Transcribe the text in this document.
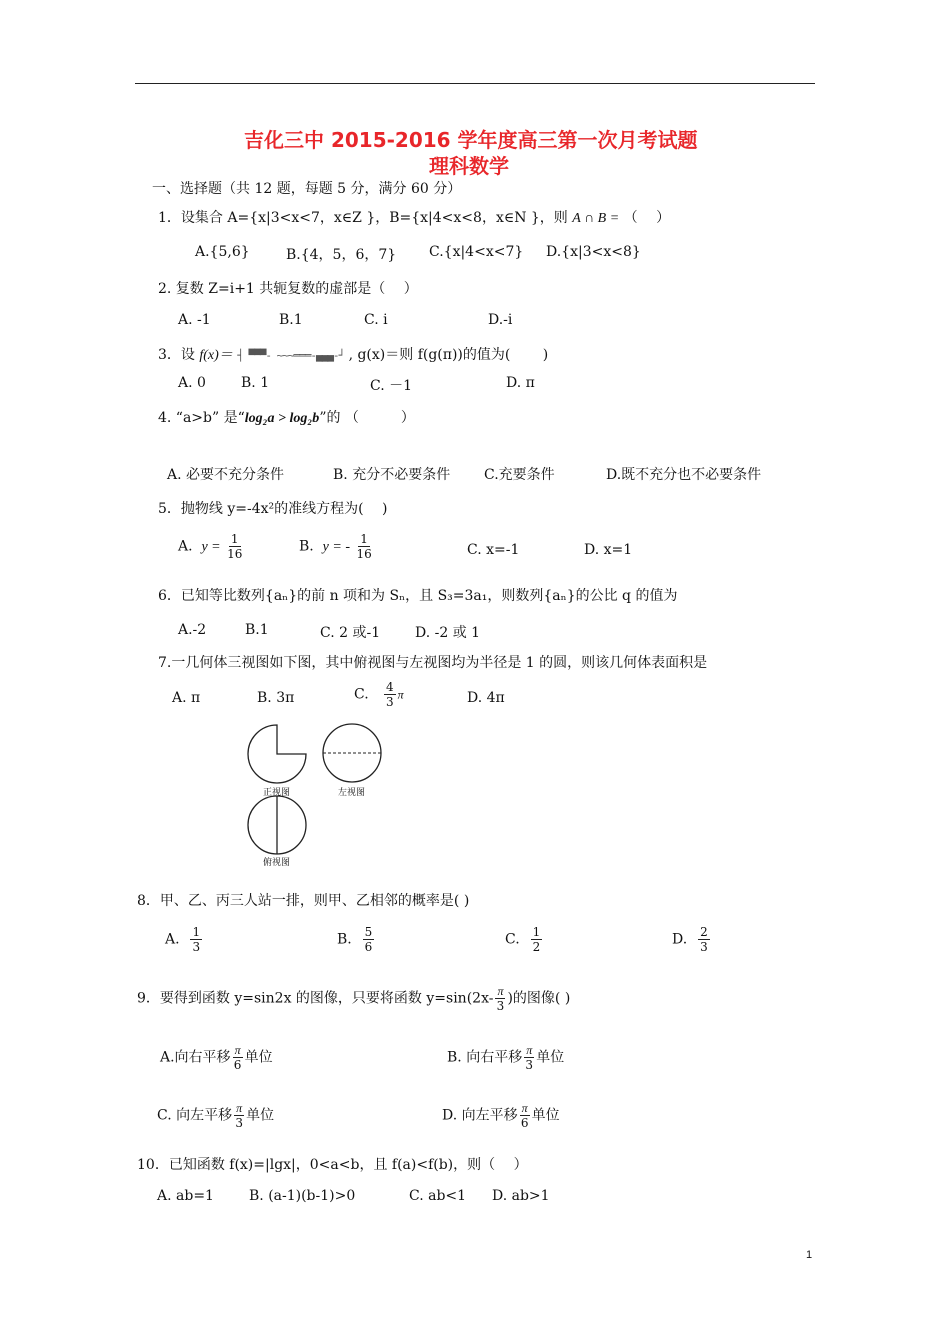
吉化三中 2015-2016 学年度高三第一次月考试题
理科数学
一、选择题（共 12 题，每题 5 分，满分 60 分）
1．设集合 A={x|3<x<7，x∈Z }，B={x|4<x<8，x∈N }，则 A ∩ B = （　 ）
A.{5,6}	B.{4，5，6，7} C.{x|4<x<7} D.{x|3<x<8}
2. 复数 Z=i+1 共轭复数的虚部是（　 ）
A. -1	B.1	C. i	D.-i
3．设 f(x)＝ ┤ ▀▀▀- ~~~═══-▄▄▄-┘ , g(x)＝则 f(g(π))的值为(　　 )
A. 0	B. 1	C. －1	D. π
4. “a>b” 是“log₂a > log₂b”的 （　　　）
A. 必要不充分条件	B. 充分不必要条件 C.充要条件	D.既不充分也不必要条件
5．抛物线 y=-4x²的准线方程为(　 )
A. $y = \frac{1}{16}$	B. y = - $\frac{1}{16}$	C. x=-1	D. x=1
6．已知等比数列{aₙ}的前 n 项和为 Sₙ，且 S₃=3a₁，则数列{aₙ}的公比 q 的值为
A.-2	B.1	C. 2 或-1 D. -2 或 1
7.一几何体三视图如下图，其中俯视图与左视图均为半径是 1 的圆，则该几何体表面积是
A. π	B. 3π	C. $\frac{4}{3}$ π	D. 4π
正视图	左视图
俯视图
8．甲、乙、丙三人站一排，则甲、乙相邻的概率是( )
A. $\frac{1}{3}$	B. $\frac{5}{6}$	C. $\frac{1}{2}$	D. $\frac{2}{3}$
9．要得到函数 y=sin2x 的图像，只要将函数 $y=\sin(2x- \frac{\pi}{3}$ )的图像( )
A.向右平移 $\frac{\pi}{6}$ 单位	B. 向右平移 $\frac{\pi}{3}$ 单位
C. 向左平移 $\frac{\pi}{3}$ 单位	D. 向左平移 $\frac{\pi}{6}$ 单位
10．已知函数 f(x)=|lgx|，0<a<b，且 f(a)<f(b)，则（　 ）
A. ab=1	B. (a-1)(b-1)>0	C. ab<1 D. ab>1
1
